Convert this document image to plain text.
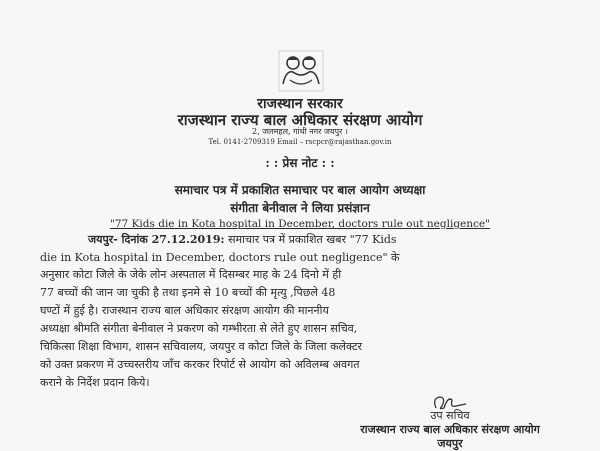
राजस्थान सरकार
राजस्थान राज्य बाल अधिकार संरक्षण आयोग
2, जलमहल, गांधी नगर जयपुर ।
Tel. 0141-2709319 Email – rscpcr@rajasthan.gov.in
: : प्रेस नोट : :
समाचार पत्र में प्रकाशित समाचार पर बाल आयोग अध्यक्षा
संगीता बेनीवाल ने लिया प्रसंज्ञान
"77 Kids die in Kota hospital in December, doctors rule out negligence"
जयपुर- दिनांक 27.12.2019: समाचार पत्र में प्रकाशित खबर "77 Kids
die in Kota hospital in December, doctors rule out negligence" के
अनुसार कोटा जिले के जेके लोन अस्पताल में दिसम्बर माह के 24 दिनो में ही
77 बच्चों की जान जा चुकी है तथा इनमे से 10 बच्चों की मृत्यु ,पिछले 48
घण्टों में हुई है। राजस्थान राज्य बाल अधिकार संरक्षण आयोग की माननीय
अध्यक्षा श्रीमति संगीता बेनीवाल ने प्रकरण को गम्भीरता से लेते हुए शासन सचिव,
चिकित्सा शिक्षा विभाग, शासन सचिवालय, जयपुर व कोटा जिले के जिला कलेक्टर
को उक्त प्रकरण में उच्चस्तरीय जाँच करकर रिपोर्ट से आयोग को अविलम्ब अवगत
कराने के निर्देश प्रदान किये।
उप सचिव
राजस्थान राज्य बाल अधिकार संरक्षण आयोग
जयपुर
